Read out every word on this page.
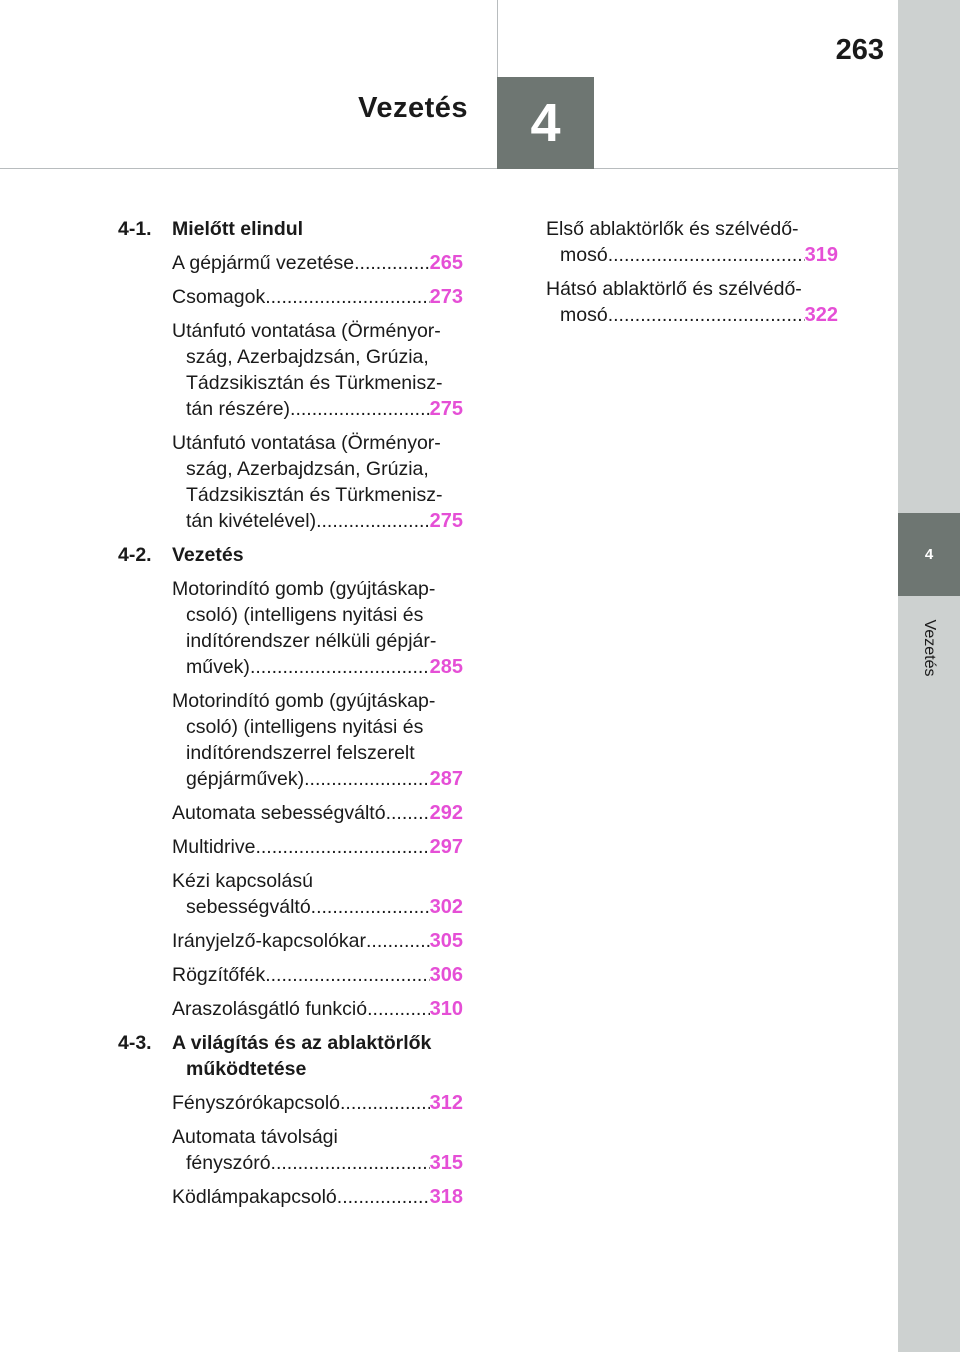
Vezetés 4
263
4
Vezetés
4-1. Mielőtt elindul
A gépjármű vezetése .....	265
Csomagok .....	273
Utánfutó vontatása (Örményor-
szág, Azerbajdzsán, Grúzia,
Tádzsikisztán és Türkmenisz-
tán részére) .....	275
Utánfutó vontatása (Örményor-
szág, Azerbajdzsán, Grúzia,
Tádzsikisztán és Türkmenisz-
tán kivételével) .....	275
4-2. Vezetés
Motorindító gomb (gyújtáskap-
csoló) (intelligens nyitási és
indítórendszer nélküli gépjár-
művek) .....	285
Motorindító gomb (gyújtáskap-
csoló) (intelligens nyitási és
indítórendszerrel felszerelt
gépjárművek) .....	287
Automata sebességváltó ..... 292
Multidrive .....	297
Kézi kapcsolású
sebességváltó .....	302
Irányjelző-kapcsolókar .....	305
Rögzítőfék .....	306
Araszolásgátló funkció .....	310
4-3. A világítás és az ablaktörlők
működtetése
Fényszórókapcsoló .....	312
Automata távolsági
fényszóró .....	315
Ködlámpakapcsoló .....	318
Első ablaktörlők és szélvédő-
mosó .....	319
Hátsó ablaktörlő és szélvédő-
mosó .....	322
